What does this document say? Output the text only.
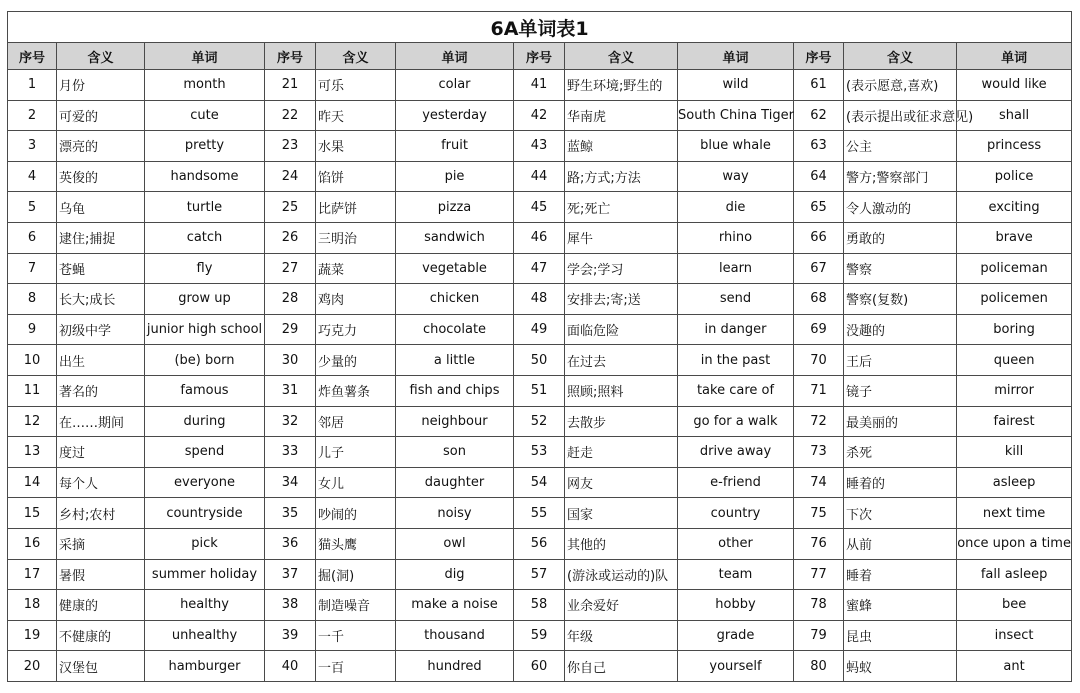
6A单词表1											
序号	含义	单词	序号	含义	单词	序号	含义	单词	序号	含义	单词
1	月份	month	21	可乐	colar	41	野生环境;野生的	wild	61	(表示愿意,喜欢)	would like
2	可爱的	cute	22	昨天	yesterday	42	华南虎	South China Tiger	62	(表示提出或征求意见)	shall
3	漂亮的	pretty	23	水果	fruit	43	蓝鲸	blue whale	63	公主	princess
4	英俊的	handsome	24	馅饼	pie	44	路;方式;方法	way	64	警方;警察部门	police
5	乌龟	turtle	25	比萨饼	pizza	45	死;死亡	die	65	令人激动的	exciting
6	逮住;捕捉	catch	26	三明治	sandwich	46	犀牛	rhino	66	勇敢的	brave
7	苍蝇	fly	27	蔬菜	vegetable	47	学会;学习	learn	67	警察	policeman
8	长大;成长	grow up	28	鸡肉	chicken	48	安排去;寄;送	send	68	警察(复数)	policemen
9	初级中学	junior high school	29	巧克力	chocolate	49	面临危险	in danger	69	没趣的	boring
10	出生	(be) born	30	少量的	a little	50	在过去	in the past	70	王后	queen
11	著名的	famous	31	炸鱼薯条	fish and chips	51	照顾;照料	take care of	71	镜子	mirror
12	在……期间	during	32	邻居	neighbour	52	去散步	go for a walk	72	最美丽的	fairest
13	度过	spend	33	儿子	son	53	赶走	drive away	73	杀死	kill
14	每个人	everyone	34	女儿	daughter	54	网友	e-friend	74	睡着的	asleep
15	乡村;农村	countryside	35	吵闹的	noisy	55	国家	country	75	下次	next time
16	采摘	pick	36	猫头鹰	owl	56	其他的	other	76	从前	once upon a time
17	暑假	summer holiday	37	掘(洞)	dig	57	(游泳或运动的)队	team	77	睡着	fall asleep
18	健康的	healthy	38	制造噪音	make a noise	58	业余爱好	hobby	78	蜜蜂	bee
19	不健康的	unhealthy	39	一千	thousand	59	年级	grade	79	昆虫	insect
20	汉堡包	hamburger	40	一百	hundred	60	你自己	yourself	80	蚂蚁	ant
